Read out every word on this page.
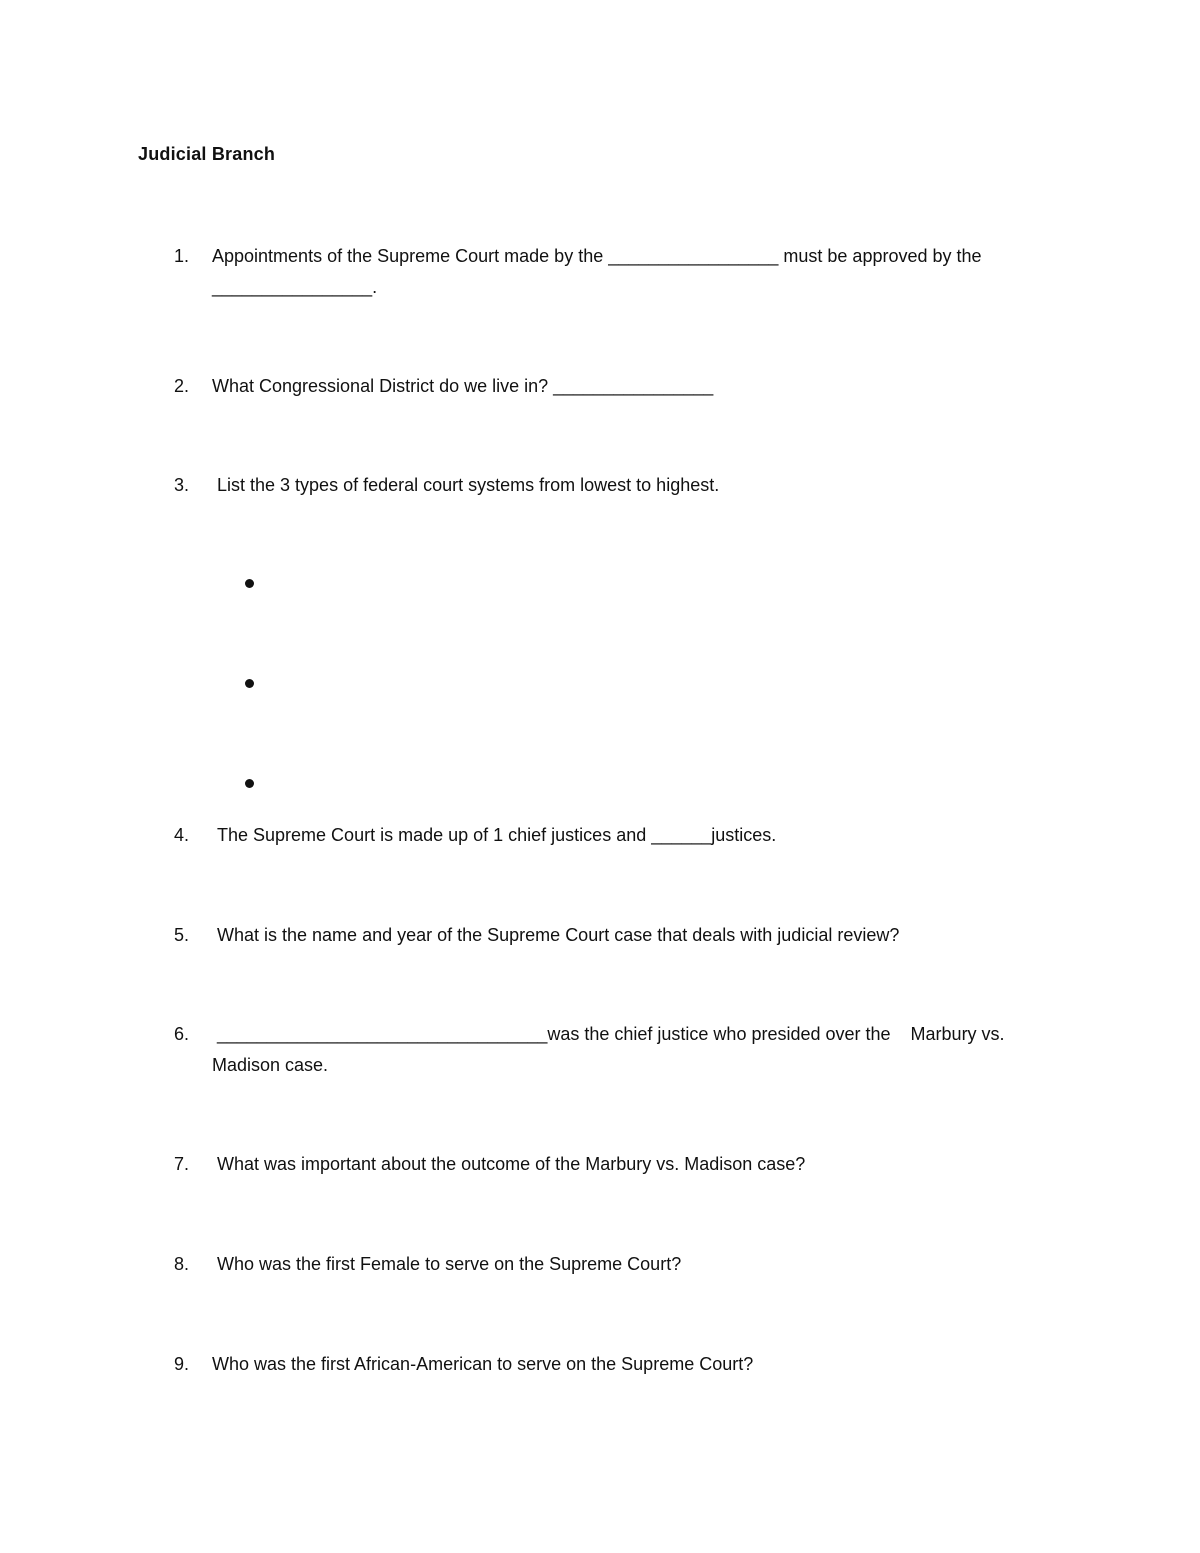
Judicial Branch
1.	Appointments of the Supreme Court made by the _________________ must be approved by the
________________.
2.	What Congressional District do we live in? ________________
3.	List the 3 types of federal court systems from lowest to highest.
4.	The Supreme Court is made up of 1 chief justices and ______justices.
5.	What is the name and year of the Supreme Court case that deals with judicial review?
6.	_________________________________was the chief justice who presided over the    Marbury vs.
Madison case.
7.	What was important about the outcome of the Marbury vs. Madison case?
8.	Who was the first Female to serve on the Supreme Court?
9.	Who was the first African-American to serve on the Supreme Court?
